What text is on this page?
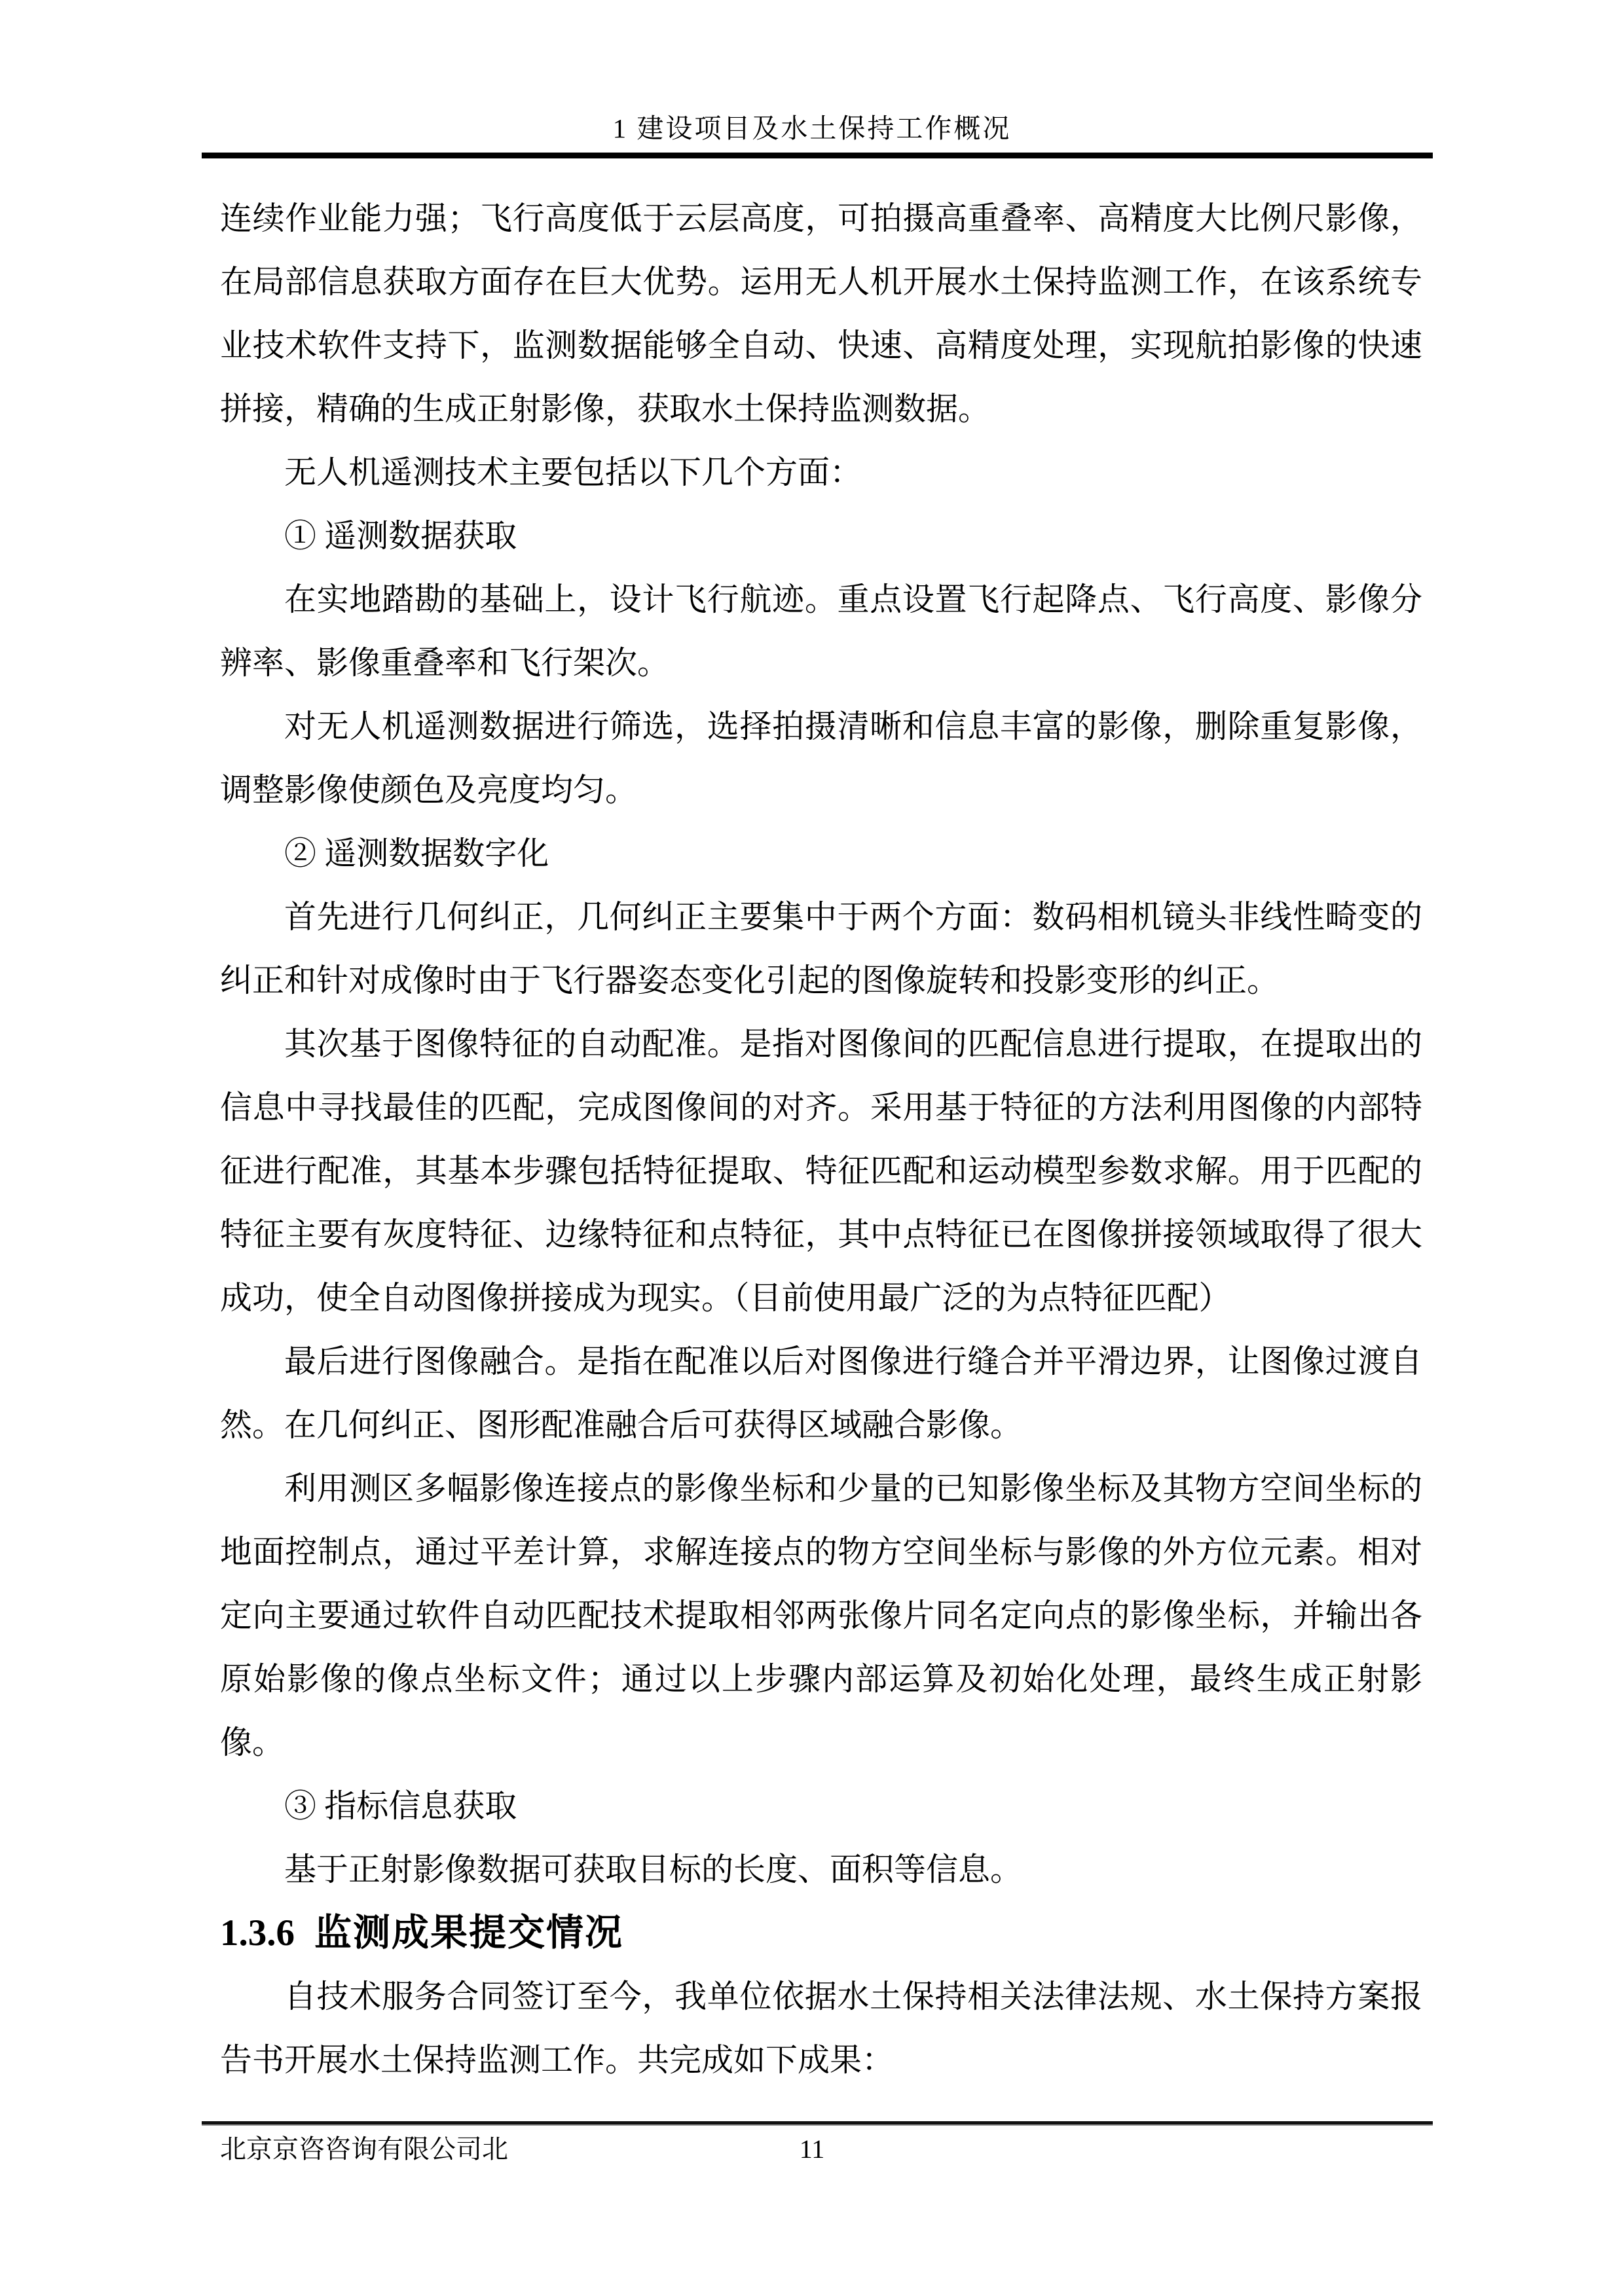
1 建设项目及水土保持工作概况

连续作业能力强；飞行高度低于云层高度，可拍摄高重叠率、高精度大比例尺影像，在局部信息获取方面存在巨大优势。运用无人机开展水土保持监测工作，在该系统专业技术软件支持下，监测数据能够全自动、快速、高精度处理，实现航拍影像的快速拼接，精确的生成正射影像，获取水土保持监测数据。

无人机遥测技术主要包括以下几个方面：

① 遥测数据获取

在实地踏勘的基础上，设计飞行航迹。重点设置飞行起降点、飞行高度、影像分辨率、影像重叠率和飞行架次。

对无人机遥测数据进行筛选，选择拍摄清晰和信息丰富的影像，删除重复影像，调整影像使颜色及亮度均匀。

② 遥测数据数字化

首先进行几何纠正，几何纠正主要集中于两个方面：数码相机镜头非线性畸变的纠正和针对成像时由于飞行器姿态变化引起的图像旋转和投影变形的纠正。

其次基于图像特征的自动配准。是指对图像间的匹配信息进行提取，在提取出的信息中寻找最佳的匹配，完成图像间的对齐。采用基于特征的方法利用图像的内部特征进行配准，其基本步骤包括特征提取、特征匹配和运动模型参数求解。用于匹配的特征主要有灰度特征、边缘特征和点特征，其中点特征已在图像拼接领域取得了很大成功，使全自动图像拼接成为现实。（目前使用最广泛的为点特征匹配）

最后进行图像融合。是指在配准以后对图像进行缝合并平滑边界，让图像过渡自然。在几何纠正、图形配准融合后可获得区域融合影像。

利用测区多幅影像连接点的影像坐标和少量的已知影像坐标及其物方空间坐标的地面控制点，通过平差计算，求解连接点的物方空间坐标与影像的外方位元素。相对定向主要通过软件自动匹配技术提取相邻两张像片同名定向点的影像坐标，并输出各原始影像的像点坐标文件；通过以上步骤内部运算及初始化处理，最终生成正射影像。

③ 指标信息获取

基于正射影像数据可获取目标的长度、面积等信息。

1.3.6 监测成果提交情况

自技术服务合同签订至今，我单位依据水土保持相关法律法规、水土保持方案报告书开展水土保持监测工作。共完成如下成果：

北京京咨咨询有限公司北	11
